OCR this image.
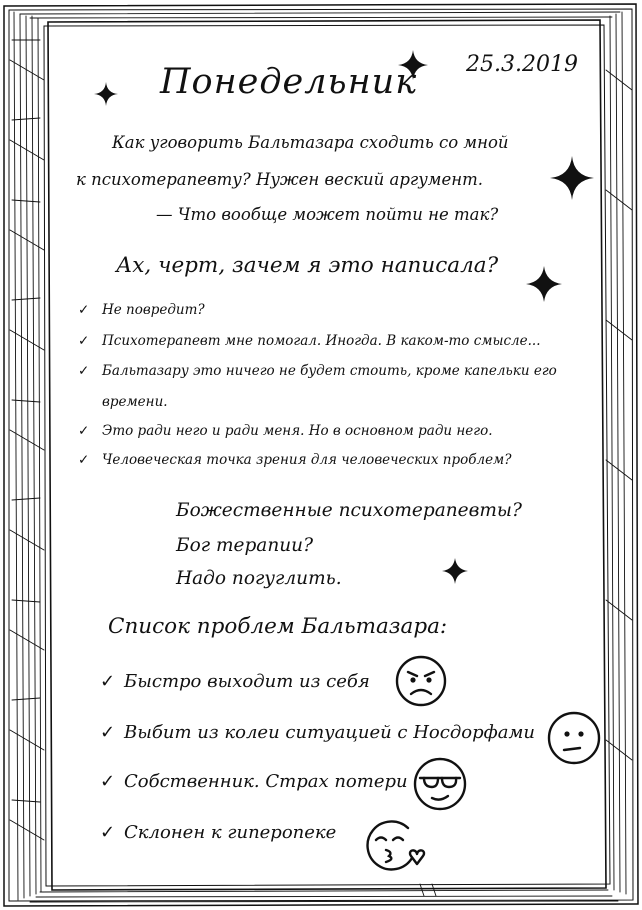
Понедельник 25.3.2019
Как уговорить Бальтазара сходить со мной
к психотерапевту? Нужен веский аргумент.
— Что вообще может пойти не так?
Ах, черт, зачем я это написала?
✓ Не повредит?
✓ Психотерапевт мне помогал. Иногда. В каком-то смысле...
✓ Бальтазару это ничего не будет стоить, кроме капельки его
времени.
✓ Это ради него и ради меня. Но в основном ради него.
✓ Человеческая точка зрения для человеческих проблем?
Божественные психотерапевты?
Бог терапии?
Надо погуглить.
Список проблем Бальтазара:
✓ Быстро выходит из себя
✓ Выбит из колеи ситуацией с Носдорфами
✓ Собственник. Страх потери
✓ Склонен к гиперопеке
